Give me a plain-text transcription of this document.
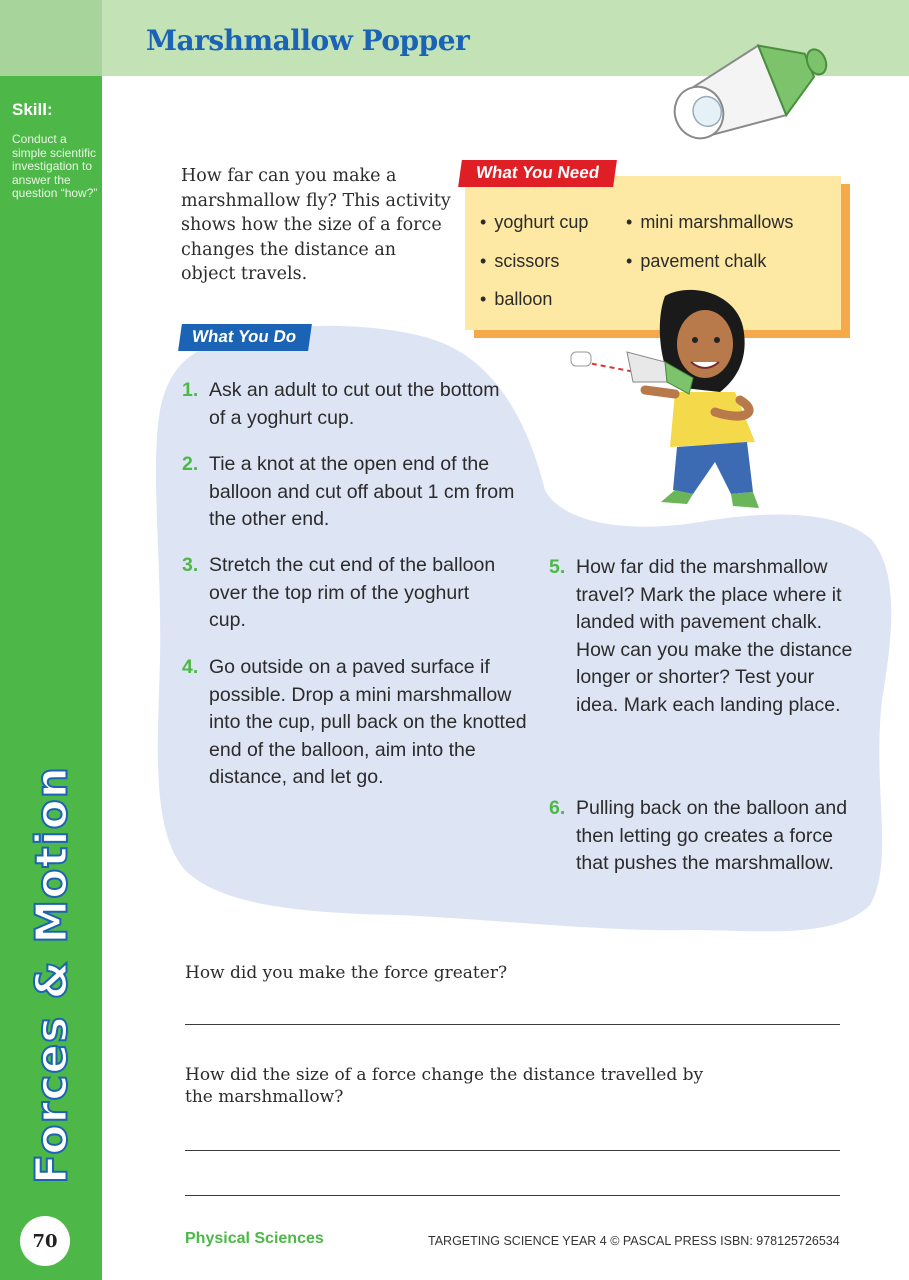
Marshmallow Popper
Skill:
Conduct a simple scientific investigation to answer the question “how?”
Forces & Motion
70
How far can you make a marshmallow fly? This activity shows how the size of a force changes the distance an object travels.
What You Need
• yoghurt cup • mini marshmallows
• scissors	• pavement chalk
• balloon
What You Do
1. Ask an adult to cut out the bottom of a yoghurt cup.
2. Tie a knot at the open end of the balloon and cut off about 1 cm from the other end.
3. Stretch the cut end of the balloon over the top rim of the yoghurt cup.
4. Go outside on a paved surface if possible. Drop a mini marshmallow into the cup, pull back on the knotted end of the balloon, aim into the distance, and let go.
5. How far did the marshmallow travel? Mark the place where it landed with pavement chalk. How can you make the distance longer or shorter? Test your idea. Mark each landing place.
6. Pulling back on the balloon and then letting go creates a force that pushes the marshmallow.
How did you make the force greater?
How did the size of a force change the distance travelled by the marshmallow?
Physical Sciences	TARGETING SCIENCE YEAR 4 © PASCAL PRESS ISBN: 978125726534
